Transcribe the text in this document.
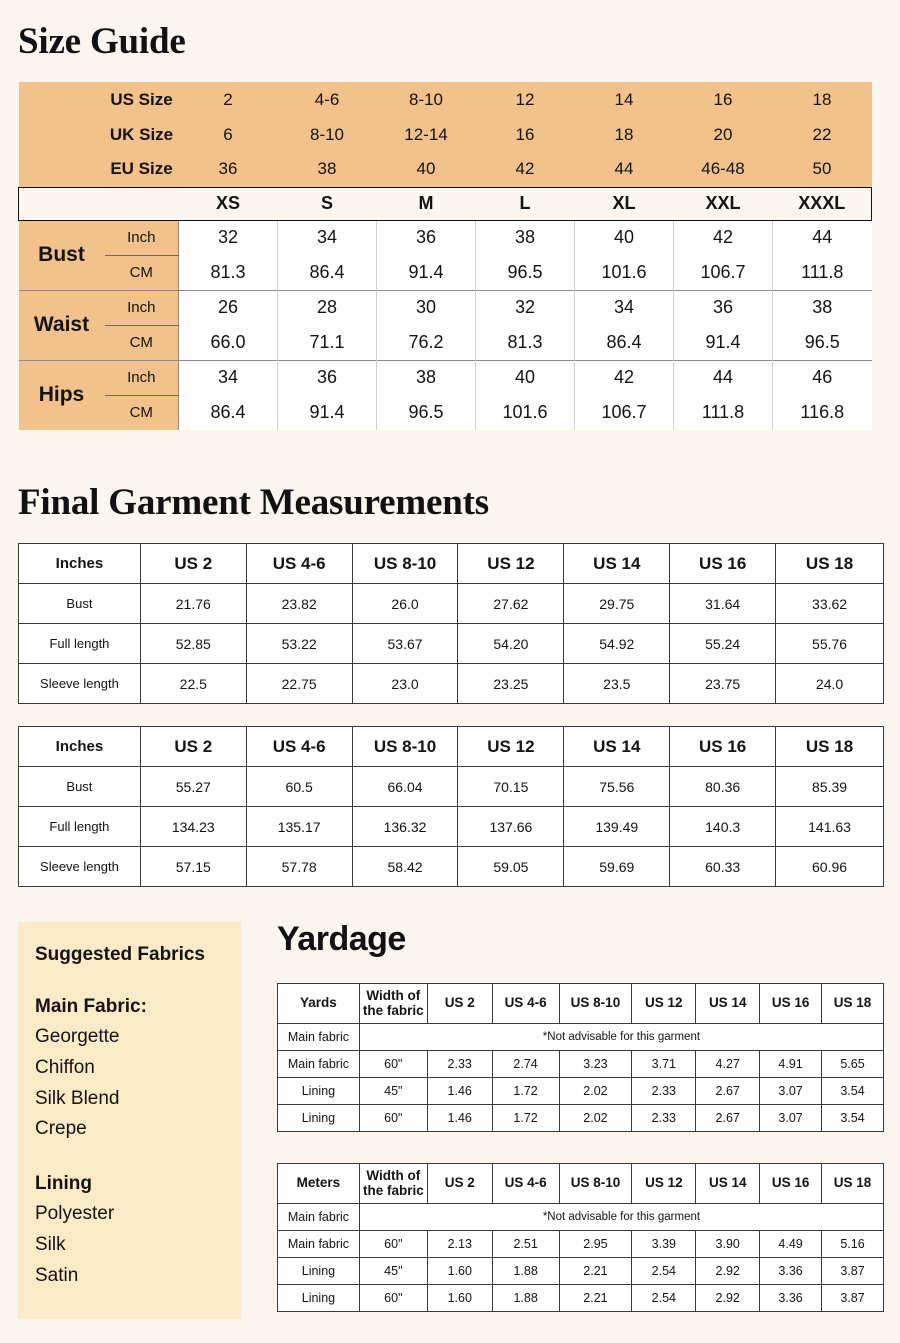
Size Guide
Final Garment Measurements
Yardage
	US Size	2	4-6	8-10	12	14	16	18
	UK Size	6	8-10	12-14	16	18	20	22
	EU Size	36	38	40	42	44	46-48	50
		XS	S	M	L	XL	XXL	XXXL
Bust	Inch	32	34	36	38	40	42	44
	CM	81.3	86.4	91.4	96.5	101.6	106.7	111.8
Waist	Inch	26	28	30	32	34	36	38
	CM	66.0	71.1	76.2	81.3	86.4	91.4	96.5
Hips	Inch	34	36	38	40	42	44	46
	CM	86.4	91.4	96.5	101.6	106.7	111.8	116.8
Inches	US 2	US 4-6	US 8-10	US 12	US 14	US 16	US 18
Bust	21.76	23.82	26.0	27.62	29.75	31.64	33.62
Full length	52.85	53.22	53.67	54.20	54.92	55.24	55.76
Sleeve length	22.5	22.75	23.0	23.25	23.5	23.75	24.0
Inches	US 2	US 4-6	US 8-10	US 12	US 14	US 16	US 18
Bust	55.27	60.5	66.04	70.15	75.56	80.36	85.39
Full length	134.23	135.17	136.32	137.66	139.49	140.3	141.63
Sleeve length	57.15	57.78	58.42	59.05	59.69	60.33	60.96
Suggested Fabrics
Main Fabric:
Georgette
Chiffon
Silk Blend
Crepe
Lining
Polyester
Silk
Satin
Yards	Width of
the fabric	US 2	US 4-6	US 8-10	US 12	US 14	US 16	US 18
Main fabric	*Not advisable for this garment							
Main fabric	60"	2.33	2.74	3.23	3.71	4.27	4.91	5.65
Lining	45"	1.46	1.72	2.02	2.33	2.67	3.07	3.54
Lining	60"	1.46	1.72	2.02	2.33	2.67	3.07	3.54
Meters	Width of
the fabric	US 2	US 4-6	US 8-10	US 12	US 14	US 16	US 18
Main fabric	*Not advisable for this garment							
Main fabric	60"	2.13	2.51	2.95	3.39	3.90	4.49	5.16
Lining	45"	1.60	1.88	2.21	2.54	2.92	3.36	3.87
Lining	60"	1.60	1.88	2.21	2.54	2.92	3.36	3.87
